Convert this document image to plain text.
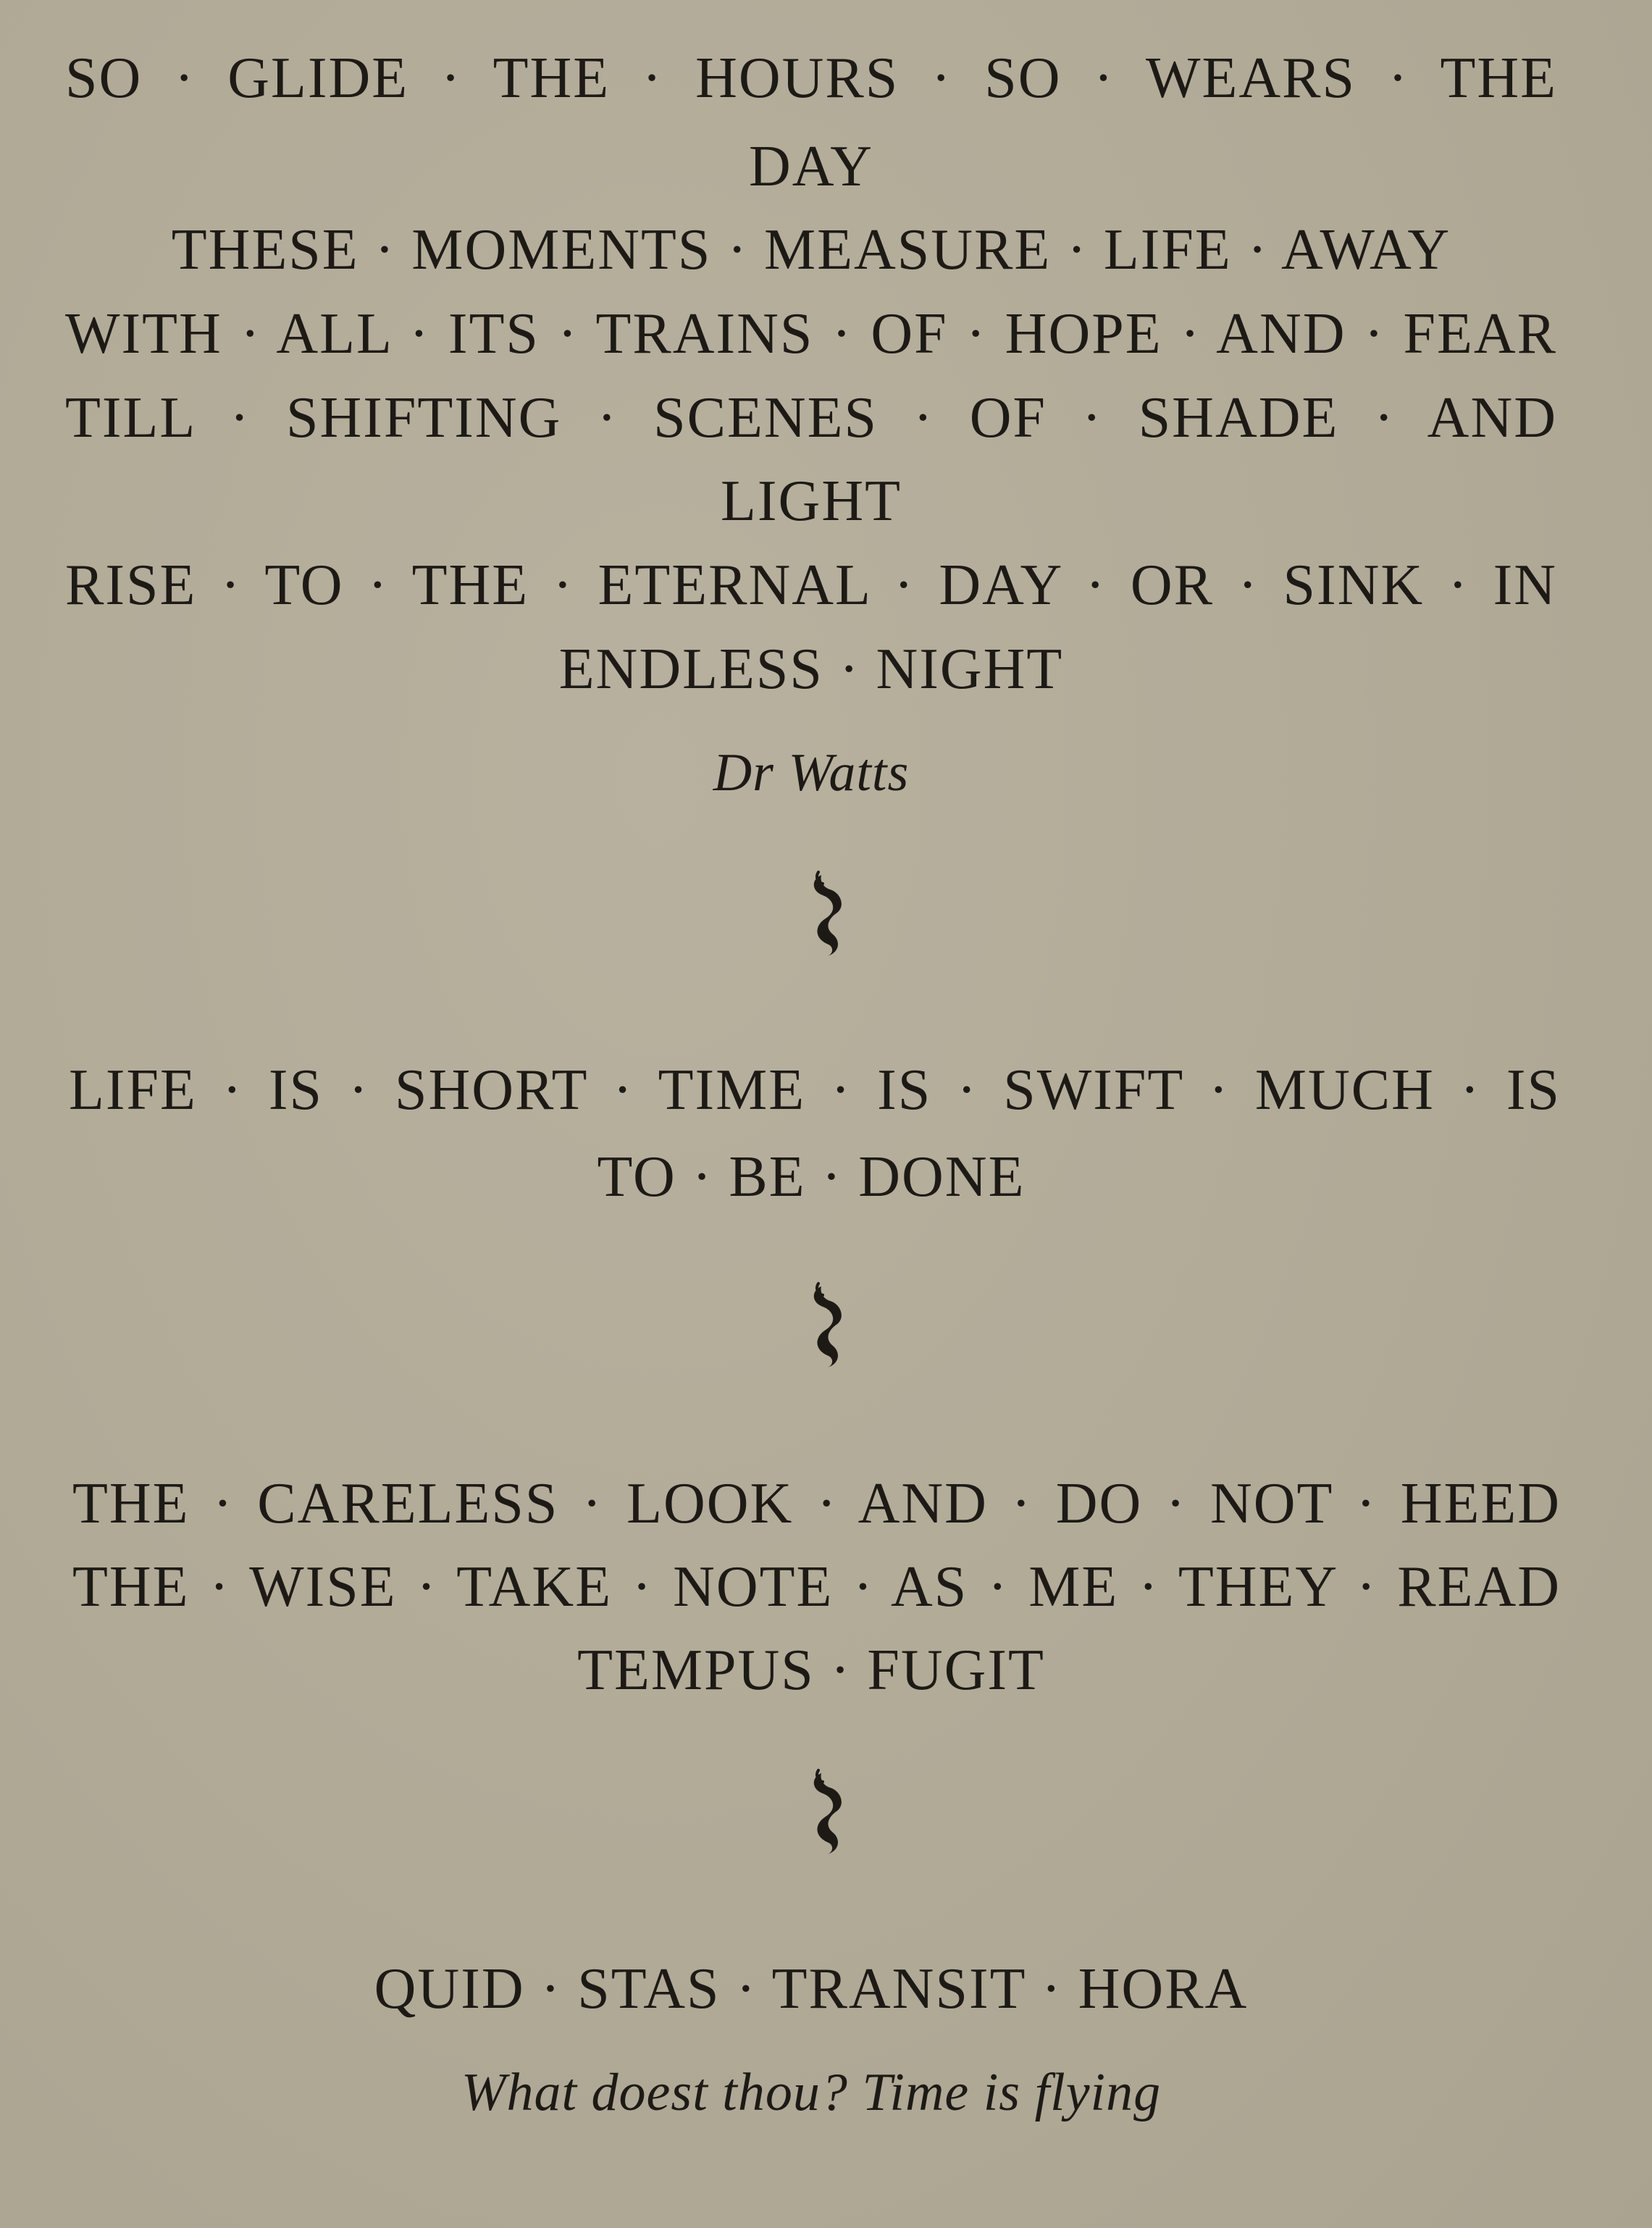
SO · GLIDE · THE · HOURS · SO · WEARS · THE
DAY
THESE · MOMENTS · MEASURE · LIFE · AWAY
WITH · ALL · ITS · TRAINS · OF · HOPE · AND · FEAR
TILL · SHIFTING · SCENES · OF · SHADE · AND
LIGHT
RISE · TO · THE · ETERNAL · DAY · OR · SINK · IN
ENDLESS · NIGHT
Dr Watts
LIFE · IS · SHORT · TIME · IS · SWIFT · MUCH · IS
TO · BE · DONE
THE · CARELESS · LOOK · AND · DO · NOT · HEED
THE · WISE · TAKE · NOTE · AS · ME · THEY · READ
TEMPUS · FUGIT
QUID · STAS · TRANSIT · HORA
What doest thou? Time is flying
